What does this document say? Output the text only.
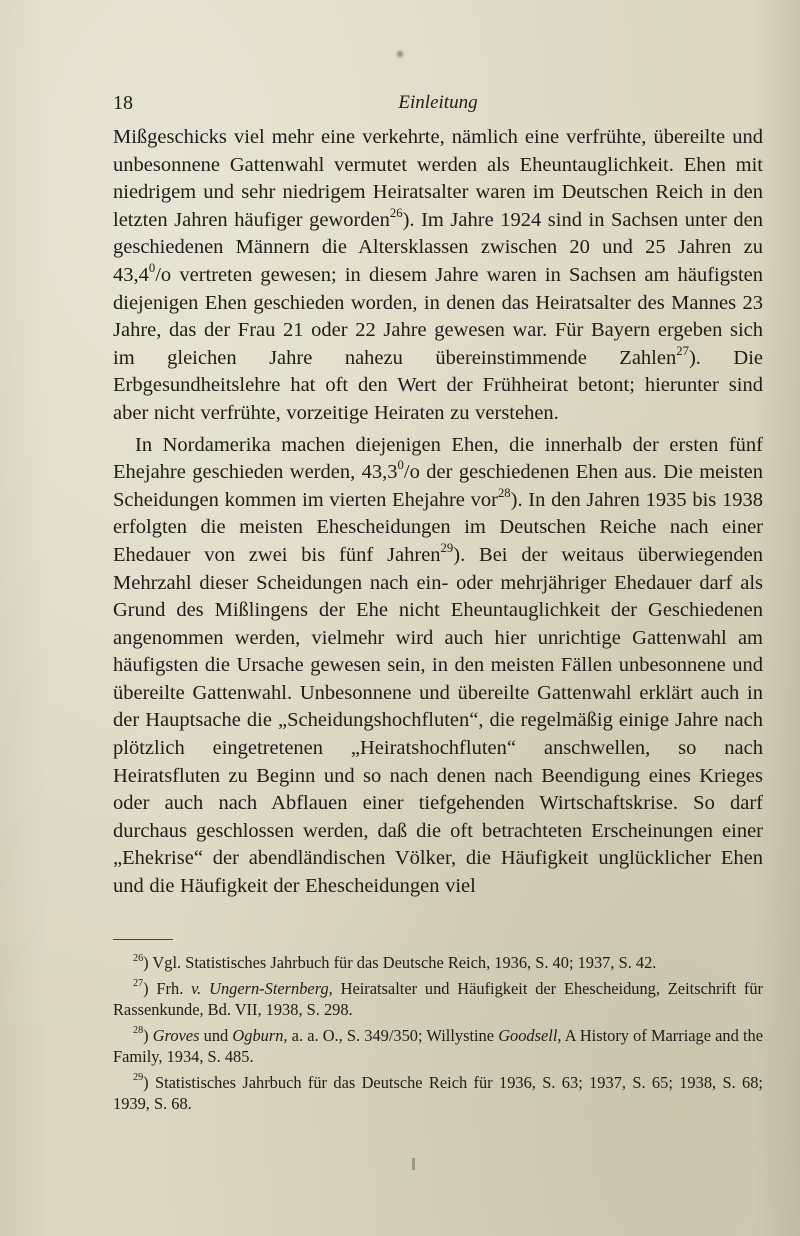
18	Einleitung

Mißgeschicks viel mehr eine verkehrte, nämlich eine verfrühte, übereilte und unbesonnene Gattenwahl vermutet werden als Eheuntauglichkeit. Ehen mit niedrigem und sehr niedrigem Heiratsalter waren im Deutschen Reich in den letzten Jahren häufiger geworden$^{26}$). Im Jahre 1924 sind in Sachsen unter den geschiedenen Männern die Altersklassen zwischen 20 und 25 Jahren zu 43,4$^0$/o vertreten gewesen; in diesem Jahre waren in Sachsen am häufigsten diejenigen Ehen geschieden worden, in denen das Heiratsalter des Mannes 23 Jahre, das der Frau 21 oder 22 Jahre gewesen war. Für Bayern ergeben sich im gleichen Jahre nahezu übereinstimmende Zahlen$^{27}$). Die Erbgesundheitslehre hat oft den Wert der Frühheirat betont; hierunter sind aber nicht verfrühte, vorzeitige Heiraten zu verstehen.

In Nordamerika machen diejenigen Ehen, die innerhalb der ersten fünf Ehejahre geschieden werden, 43,3$^0$/o der geschiedenen Ehen aus. Die meisten Scheidungen kommen im vierten Ehejahre vor$^{28}$). In den Jahren 1935 bis 1938 erfolgten die meisten Ehescheidungen im Deutschen Reiche nach einer Ehedauer von zwei bis fünf Jahren$^{29}$). Bei der weitaus überwiegenden Mehrzahl dieser Scheidungen nach ein- oder mehrjähriger Ehedauer darf als Grund des Mißlingens der Ehe nicht Eheuntauglichkeit der Geschiedenen angenommen werden, vielmehr wird auch hier unrichtige Gattenwahl am häufigsten die Ursache gewesen sein, in den meisten Fällen unbesonnene und übereilte Gattenwahl. Unbesonnene und übereilte Gattenwahl erklärt auch in der Hauptsache die „Scheidungshochfluten“, die regelmäßig einige Jahre nach plötzlich eingetretenen „Heiratshochfluten“ anschwellen, so nach Heiratsfluten zu Beginn und so nach denen nach Beendigung eines Krieges oder auch nach Abflauen einer tiefgehenden Wirtschaftskrise. So darf durchaus geschlossen werden, daß die oft betrachteten Erscheinungen einer „Ehekrise“ der abendländischen Völker, die Häufigkeit unglücklicher Ehen und die Häufigkeit der Ehescheidungen viel

$^{26}$) Vgl. Statistisches Jahrbuch für das Deutsche Reich, 1936, S. 40; 1937, S. 42.

$^{27}$) Frh. v. Ungern-Sternberg, Heiratsalter und Häufigkeit der Ehescheidung, Zeitschrift für Rassenkunde, Bd. VII, 1938, S. 298.

$^{28}$) Groves und Ogburn, a. a. O., S. 349/350; Willystine Goodsell, A History of Marriage and the Family, 1934, S. 485.

$^{29}$) Statistisches Jahrbuch für das Deutsche Reich für 1936, S. 63; 1937, S. 65; 1938, S. 68; 1939, S. 68.
